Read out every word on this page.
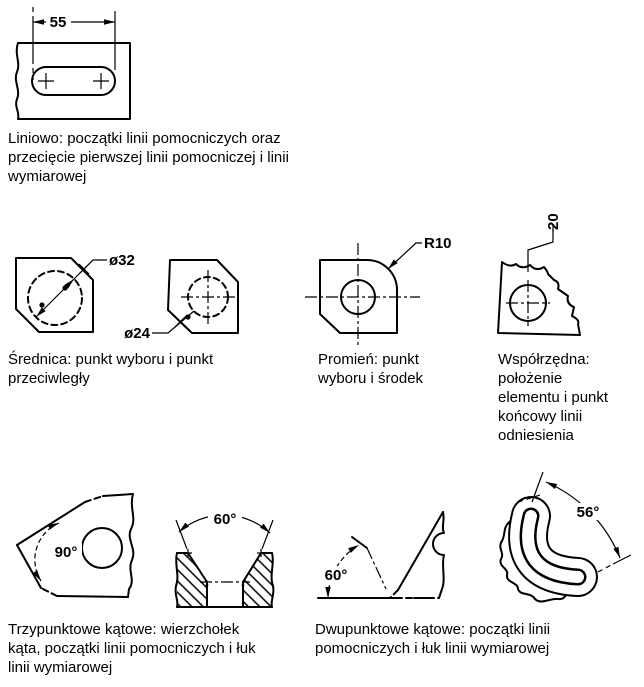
55
Liniowo: początki linii pomocniczych oraz przecięcie pierwszej linii pomocniczej i linii wymiarowej
ø32
ø24
Średnica: punkt wyboru i punkt przeciwległy
R10
Promień: punkt wyboru i środek
20
Współrzędna: położenie elementu i punkt końcowy linii odniesienia
90°
60°
Trzypunktowe kątowe: wierzchołek kąta, początki linii pomocniczych i łuk linii wymiarowej
60°
56°
Dwupunktowe kątowe: początki linii pomocniczych i łuk linii wymiarowej
